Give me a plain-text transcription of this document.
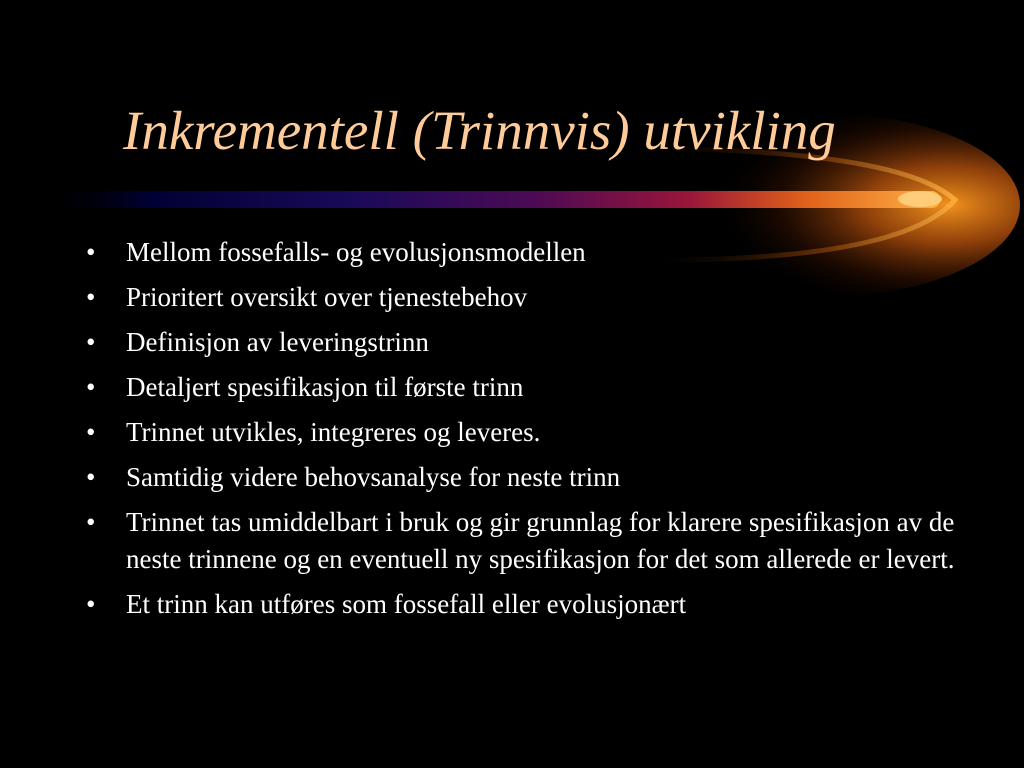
Inkrementell (Trinnvis) utvikling
•	Mellom fossefalls- og evolusjonsmodellen
•	Prioritert oversikt over tjenestebehov
•	Definisjon av leveringstrinn
•	Detaljert spesifikasjon til første trinn
•	Trinnet utvikles, integreres og leveres.
•	Samtidig videre behovsanalyse for neste trinn
•	Trinnet tas umiddelbart i bruk og gir grunnlag for klarere spesifikasjon av de neste trinnene og en eventuell ny spesifikasjon for det som allerede er levert.
•	Et trinn kan utføres som fossefall eller evolusjonært
